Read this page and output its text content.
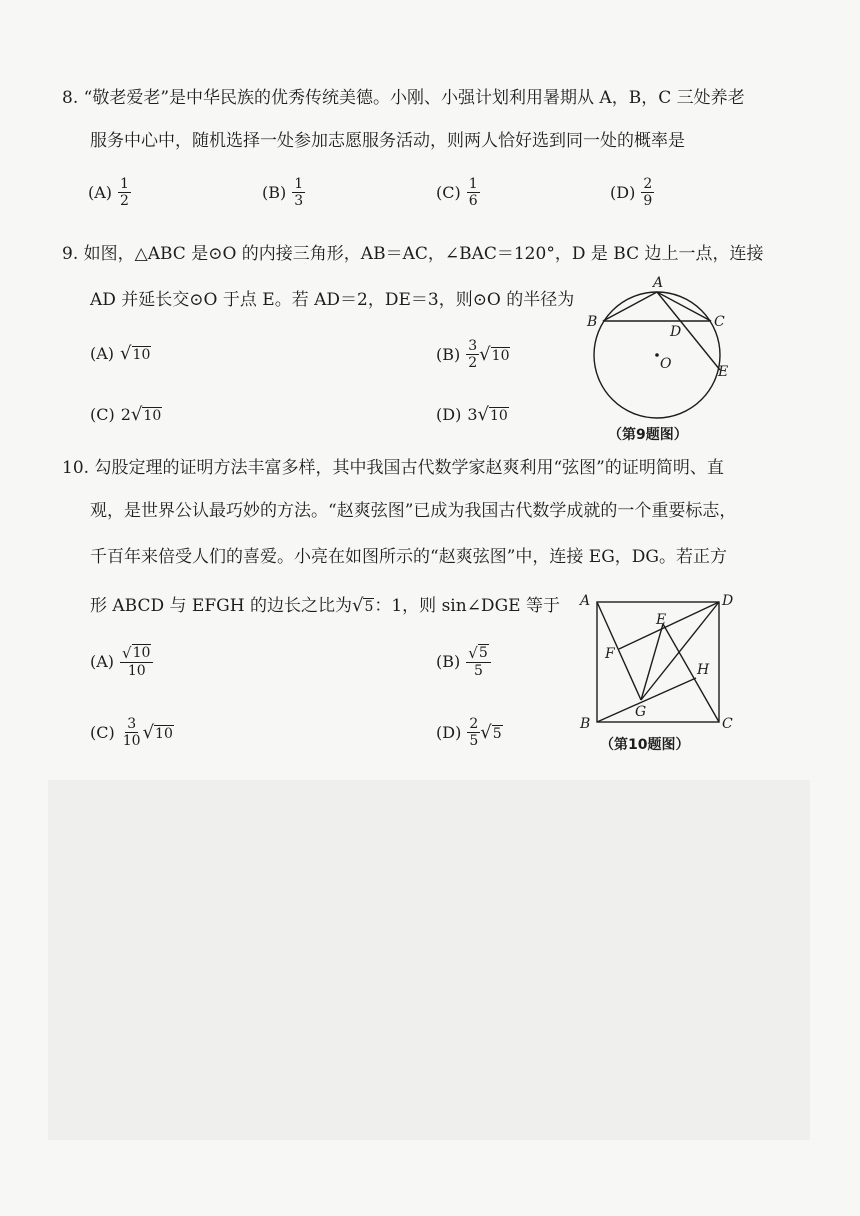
8. “敬老爱老”是中华民族的优秀传统美德。小刚、小强计划利用暑期从 A，B，C 三处养老
服务中心中，随机选择一处参加志愿服务活动，则两人恰好选到同一处的概率是
$(A) \frac{1}{2}$	$(B) \frac{1}{3}$	$(C) \frac{1}{6}$	$(D) \frac{2}{9}$
9. 如图，△ABC 是⊙O 的内接三角形，AB＝AC，∠BAC＝120°，D 是 BC 边上一点，连接
AD 并延长交⊙O 于点 E。若 AD＝2，DE＝3，则⊙O 的半径为
(A) √ 10	$(B) \frac{3}{2}$ √ 10
(C) 2 √ 10	(D) 3 √ 10
A
B	C
D
O	E
（第9题图）
10. 勾股定理的证明方法丰富多样，其中我国古代数学家赵爽利用“弦图”的证明简明、直
观，是世界公认最巧妙的方法。“赵爽弦图”已成为我国古代数学成就的一个重要标志，
千百年来倍受人们的喜爱。小亮在如图所示的“赵爽弦图”中，连接 EG，DG。若正方
形 ABCD 与 EFGH 的边长之比为 √ 5 ：1，则 sin∠DGE 等于
$(A) \frac{√ 10}{10}$	$(B) \frac{√ 5}{5}$
$(C) \frac{3}{10}$ √ 10	$(D) \frac{2}{5}$ √ 5
A	D
E
F
H
G
B	C
（第10题图）
